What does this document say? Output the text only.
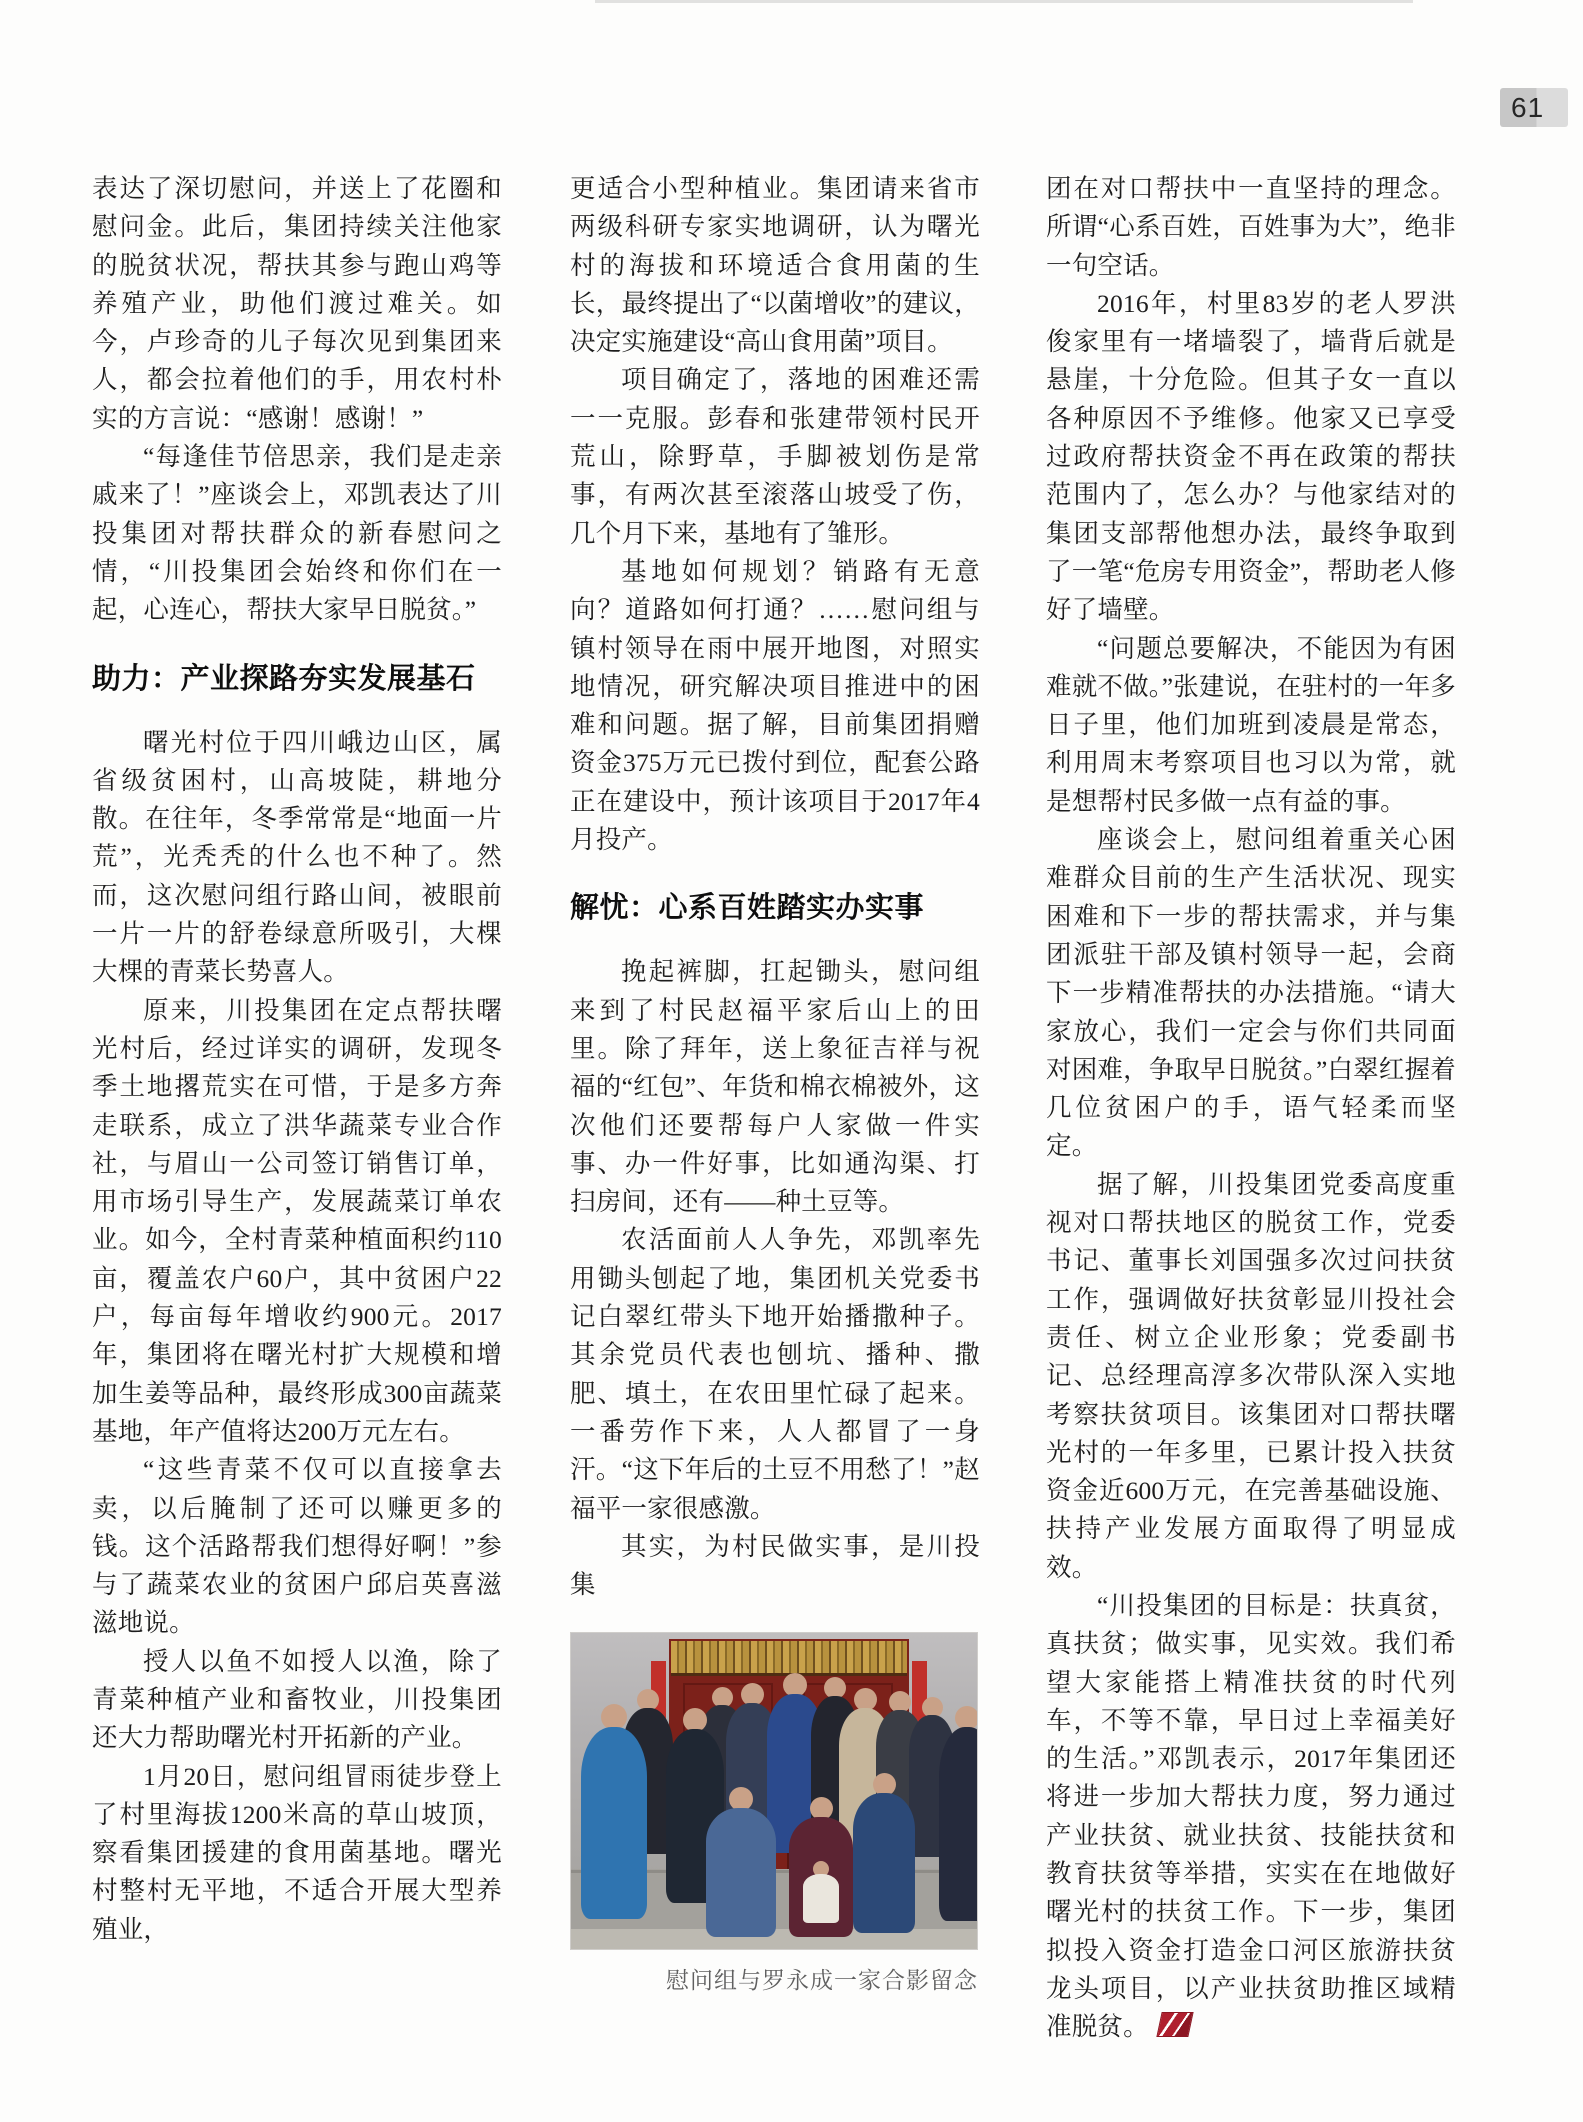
61

表达了深切慰问，并送上了花圈和慰问金。此后，集团持续关注他家的脱贫状况，帮扶其参与跑山鸡等养殖产业，助他们渡过难关。如今，卢珍奇的儿子每次见到集团来人，都会拉着他们的手，用农村朴实的方言说：“感谢！感谢！”

“每逢佳节倍思亲，我们是走亲戚来了！”座谈会上，邓凯表达了川投集团对帮扶群众的新春慰问之情，“川投集团会始终和你们在一起，心连心，帮扶大家早日脱贫。”

助力：产业探路夯实发展基石

曙光村位于四川峨边山区，属省级贫困村，山高坡陡，耕地分散。在往年，冬季常常是“地面一片荒”，光秃秃的什么也不种了。然而，这次慰问组行路山间，被眼前一片一片的舒卷绿意所吸引，大棵大棵的青菜长势喜人。

原来，川投集团在定点帮扶曙光村后，经过详实的调研，发现冬季土地撂荒实在可惜，于是多方奔走联系，成立了洪华蔬菜专业合作社，与眉山一公司签订销售订单，用市场引导生产，发展蔬菜订单农业。如今，全村青菜种植面积约110亩，覆盖农户60户，其中贫困户22户，每亩每年增收约900元。2017年，集团将在曙光村扩大规模和增加生姜等品种，最终形成300亩蔬菜基地，年产值将达200万元左右。

“这些青菜不仅可以直接拿去卖，以后腌制了还可以赚更多的钱。这个活路帮我们想得好啊！”参与了蔬菜农业的贫困户邱启英喜滋滋地说。

授人以鱼不如授人以渔，除了青菜种植产业和畜牧业，川投集团还大力帮助曙光村开拓新的产业。

1月20日，慰问组冒雨徒步登上了村里海拔1200米高的草山坡顶，察看集团援建的食用菌基地。曙光村整村无平地，不适合开展大型养殖业，

更适合小型种植业。集团请来省市两级科研专家实地调研，认为曙光村的海拔和环境适合食用菌的生长，最终提出了“以菌增收”的建议，决定实施建设“高山食用菌”项目。

项目确定了，落地的困难还需一一克服。彭春和张建带领村民开荒山，除野草，手脚被划伤是常事，有两次甚至滚落山坡受了伤，几个月下来，基地有了雏形。

基地如何规划？销路有无意向？道路如何打通？……慰问组与镇村领导在雨中展开地图，对照实地情况，研究解决项目推进中的困难和问题。据了解，目前集团捐赠资金375万元已拨付到位，配套公路正在建设中，预计该项目于2017年4月投产。

解忧：心系百姓踏实办实事

挽起裤脚，扛起锄头，慰问组来到了村民赵福平家后山上的田里。除了拜年，送上象征吉祥与祝福的“红包”、年货和棉衣棉被外，这次他们还要帮每户人家做一件实事、办一件好事，比如通沟渠、打扫房间，还有——种土豆等。

农活面前人人争先，邓凯率先用锄头刨起了地，集团机关党委书记白翠红带头下地开始播撒种子。其余党员代表也刨坑、播种、撒肥、填土，在农田里忙碌了起来。一番劳作下来，人人都冒了一身汗。“这下年后的土豆不用愁了！”赵福平一家很感激。

其实，为村民做实事，是川投集

慰问组与罗永成一家合影留念

团在对口帮扶中一直坚持的理念。所谓“心系百姓，百姓事为大”，绝非一句空话。

2016年，村里83岁的老人罗洪俊家里有一堵墙裂了，墙背后就是悬崖，十分危险。但其子女一直以各种原因不予维修。他家又已享受过政府帮扶资金不再在政策的帮扶范围内了，怎么办？与他家结对的集团支部帮他想办法，最终争取到了一笔“危房专用资金”，帮助老人修好了墙壁。

“问题总要解决，不能因为有困难就不做。”张建说，在驻村的一年多日子里，他们加班到凌晨是常态，利用周末考察项目也习以为常，就是想帮村民多做一点有益的事。

座谈会上，慰问组着重关心困难群众目前的生产生活状况、现实困难和下一步的帮扶需求，并与集团派驻干部及镇村领导一起，会商下一步精准帮扶的办法措施。“请大家放心，我们一定会与你们共同面对困难，争取早日脱贫。”白翠红握着几位贫困户的手，语气轻柔而坚定。

据了解，川投集团党委高度重视对口帮扶地区的脱贫工作，党委书记、董事长刘国强多次过问扶贫工作，强调做好扶贫彰显川投社会责任、树立企业形象；党委副书记、总经理高淳多次带队深入实地考察扶贫项目。该集团对口帮扶曙光村的一年多里，已累计投入扶贫资金近600万元，在完善基础设施、扶持产业发展方面取得了明显成效。

“川投集团的目标是：扶真贫，真扶贫；做实事，见实效。我们希望大家能搭上精准扶贫的时代列车，不等不靠，早日过上幸福美好的生活。”邓凯表示，2017年集团还将进一步加大帮扶力度，努力通过产业扶贫、就业扶贫、技能扶贫和教育扶贫等举措，实实在在地做好曙光村的扶贫工作。下一步，集团拟投入资金打造金口河区旅游扶贫龙头项目，以产业扶贫助推区域精准脱贫。
